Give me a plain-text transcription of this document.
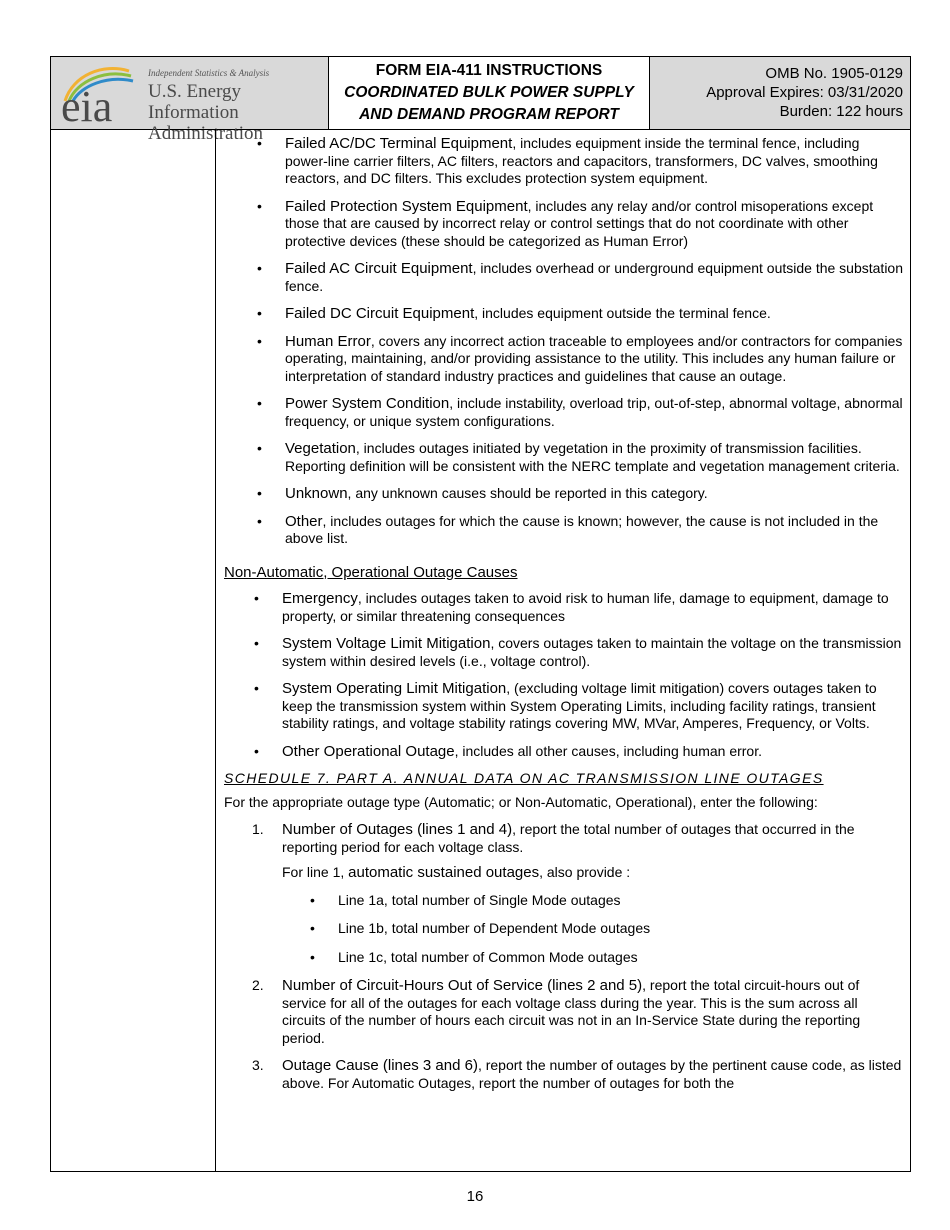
eia
Independent Statistics & Analysis
U.S. Energy Information
Administration
FORM EIA-411 INSTRUCTIONS
COORDINATED BULK POWER SUPPLY
AND DEMAND PROGRAM REPORT
OMB No. 1905-0129
Approval Expires: 03/31/2020
Burden: 122 hours
• Failed AC/DC Terminal Equipment, includes equipment inside the terminal fence, including power-line carrier filters, AC filters, reactors and capacitors, transformers, DC valves, smoothing reactors, and DC filters. This excludes protection system equipment.
• Failed Protection System Equipment, includes any relay and/or control misoperations except those that are caused by incorrect relay or control settings that do not coordinate with other protective devices (these should be categorized as Human Error)
• Failed AC Circuit Equipment, includes overhead or underground equipment outside the substation fence.
• Failed DC Circuit Equipment, includes equipment outside the terminal fence.
• Human Error, covers any incorrect action traceable to employees and/or contractors for companies operating, maintaining, and/or providing assistance to the utility. This includes any human failure or interpretation of standard industry practices and guidelines that cause an outage.
• Power System Condition, include instability, overload trip, out-of-step, abnormal voltage, abnormal frequency, or unique system configurations.
• Vegetation, includes outages initiated by vegetation in the proximity of transmission facilities. Reporting definition will be consistent with the NERC template and vegetation management criteria.
• Unknown, any unknown causes should be reported in this category.
• Other, includes outages for which the cause is known; however, the cause is not included in the above list.
Non-Automatic, Operational Outage Causes
• Emergency, includes outages taken to avoid risk to human life, damage to equipment, damage to property, or similar threatening consequences
• System Voltage Limit Mitigation, covers outages taken to maintain the voltage on the transmission system within desired levels (i.e., voltage control).
• System Operating Limit Mitigation, (excluding voltage limit mitigation) covers outages taken to keep the transmission system within System Operating Limits, including facility ratings, transient stability ratings, and voltage stability ratings covering MW, MVar, Amperes, Frequency, or Volts.
• Other Operational Outage, includes all other causes, including human error.
SCHEDULE 7. PART A. ANNUAL DATA ON AC TRANSMISSION LINE OUTAGES
For the appropriate outage type (Automatic; or Non-Automatic, Operational), enter the following:
1. Number of Outages (lines 1 and 4), report the total number of outages that occurred in the reporting period for each voltage class.
For line 1, automatic sustained outages, also provide :
• Line 1a, total number of Single Mode outages
• Line 1b, total number of Dependent Mode outages
• Line 1c, total number of Common Mode outages
2. Number of Circuit-Hours Out of Service (lines 2 and 5), report the total circuit-hours out of service for all of the outages for each voltage class during the year. This is the sum across all circuits of the number of hours each circuit was not in an In-Service State during the reporting period.
3. Outage Cause (lines 3 and 6), report the number of outages by the pertinent cause code, as listed above. For Automatic Outages, report the number of outages for both the
16
